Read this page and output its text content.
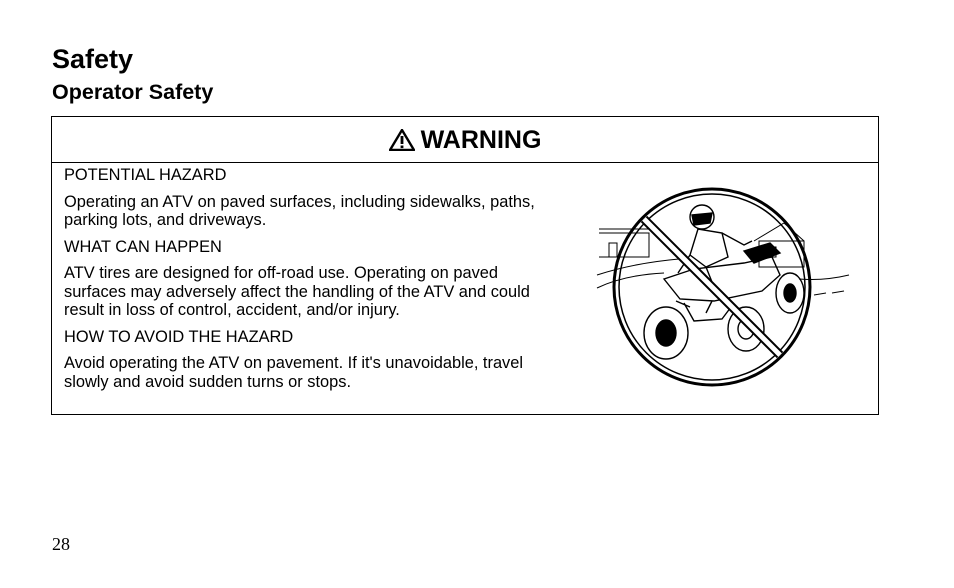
Safety
Operator Safety
WARNING

POTENTIAL HAZARD

Operating an ATV on paved surfaces, including sidewalks, paths, parking lots, and driveways.

WHAT CAN HAPPEN

ATV tires are designed for off-road use. Operating on paved surfaces may adversely affect the handling of the ATV and could result in loss of control, accident, and/or injury.

HOW TO AVOID THE HAZARD

Avoid operating the ATV on pavement. If it's unavoidable, travel slowly and avoid sudden turns or stops.

28
